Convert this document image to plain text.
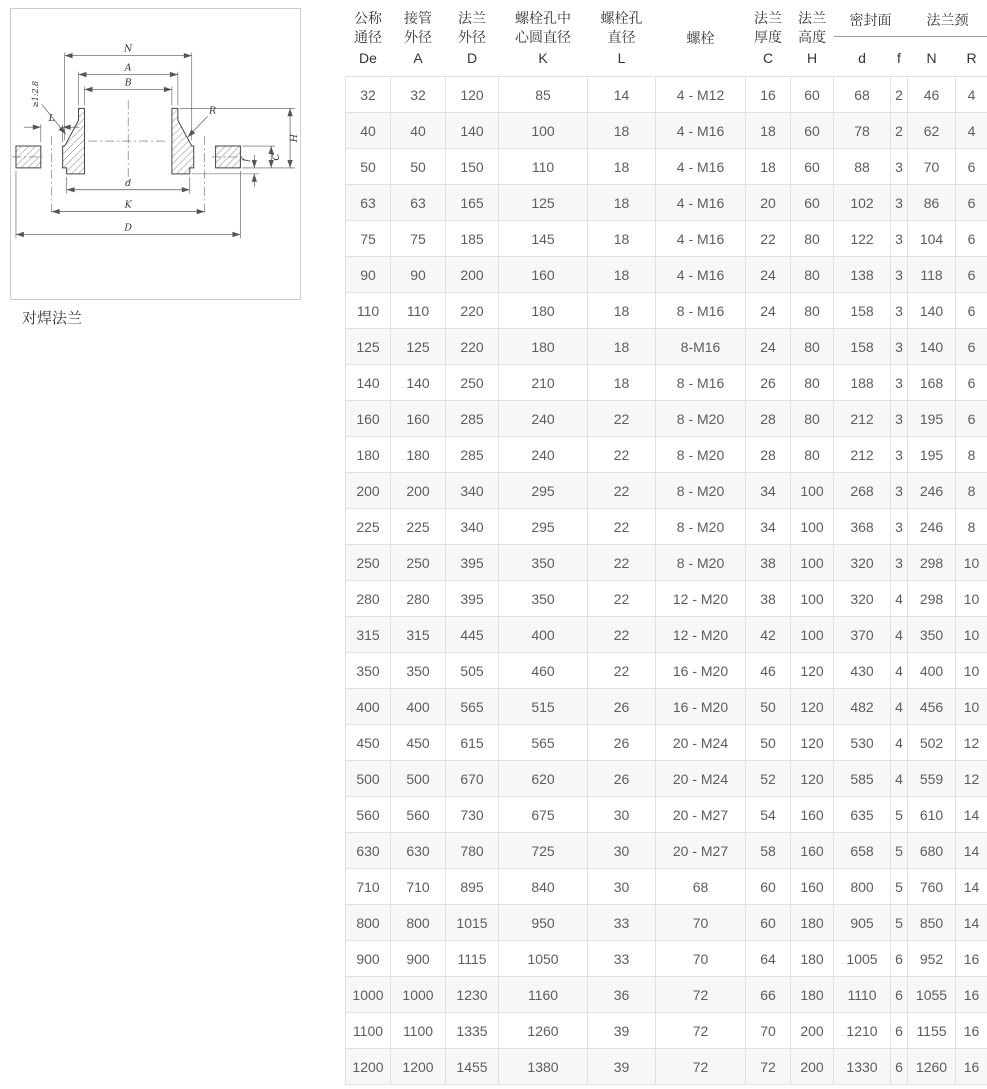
N
A
B
≥1:2.8
L
R
H
C
f
d
K
D
对焊法兰
公称
通径
De

接管
外径
A

法兰
外径
D

螺栓孔中
心圆直径
K

螺栓孔
直径
L

螺栓

法兰
厚度
C

法兰
高度
H

密封面
d	f

法兰颈
N	R

32	32	120	85	14	4 - M12	16	60	68	2	46	4
40	40	140	100	18	4 - M16	18	60	78	2	62	4
50	50	150	110	18	4 - M16	18	60	88	3	70	6
63	63	165	125	18	4 - M16	20	60	102	3	86	6
75	75	185	145	18	4 - M16	22	80	122	3	104	6
90	90	200	160	18	4 - M16	24	80	138	3	118	6
110	110	220	180	18	8 - M16	24	80	158	3	140	6
125	125	220	180	18	8-M16	24	80	158	3	140	6
140	140	250	210	18	8 - M16	26	80	188	3	168	6
160	160	285	240	22	8 - M20	28	80	212	3	195	6
180	180	285	240	22	8 - M20	28	80	212	3	195	8
200	200	340	295	22	8 - M20	34	100	268	3	246	8
225	225	340	295	22	8 - M20	34	100	368	3	246	8
250	250	395	350	22	8 - M20	38	100	320	3	298	10
280	280	395	350	22	12 - M20	38	100	320	4	298	10
315	315	445	400	22	12 - M20	42	100	370	4	350	10
350	350	505	460	22	16 - M20	46	120	430	4	400	10
400	400	565	515	26	16 - M20	50	120	482	4	456	10
450	450	615	565	26	20 - M24	50	120	530	4	502	12
500	500	670	620	26	20 - M24	52	120	585	4	559	12
560	560	730	675	30	20 - M27	54	160	635	5	610	14
630	630	780	725	30	20 - M27	58	160	658	5	680	14
710	710	895	840	30	68	60	160	800	5	760	14
800	800	1015	950	33	70	60	180	905	5	850	14
900	900	1115	1050	33	70	64	180	1005	6	952	16
1000	1000	1230	1160	36	72	66	180	1110	6	1055	16
1100	1100	1335	1260	39	72	70	200	1210	6	1155	16
1200	1200	1455	1380	39	72	72	200	1330	6	1260	16
